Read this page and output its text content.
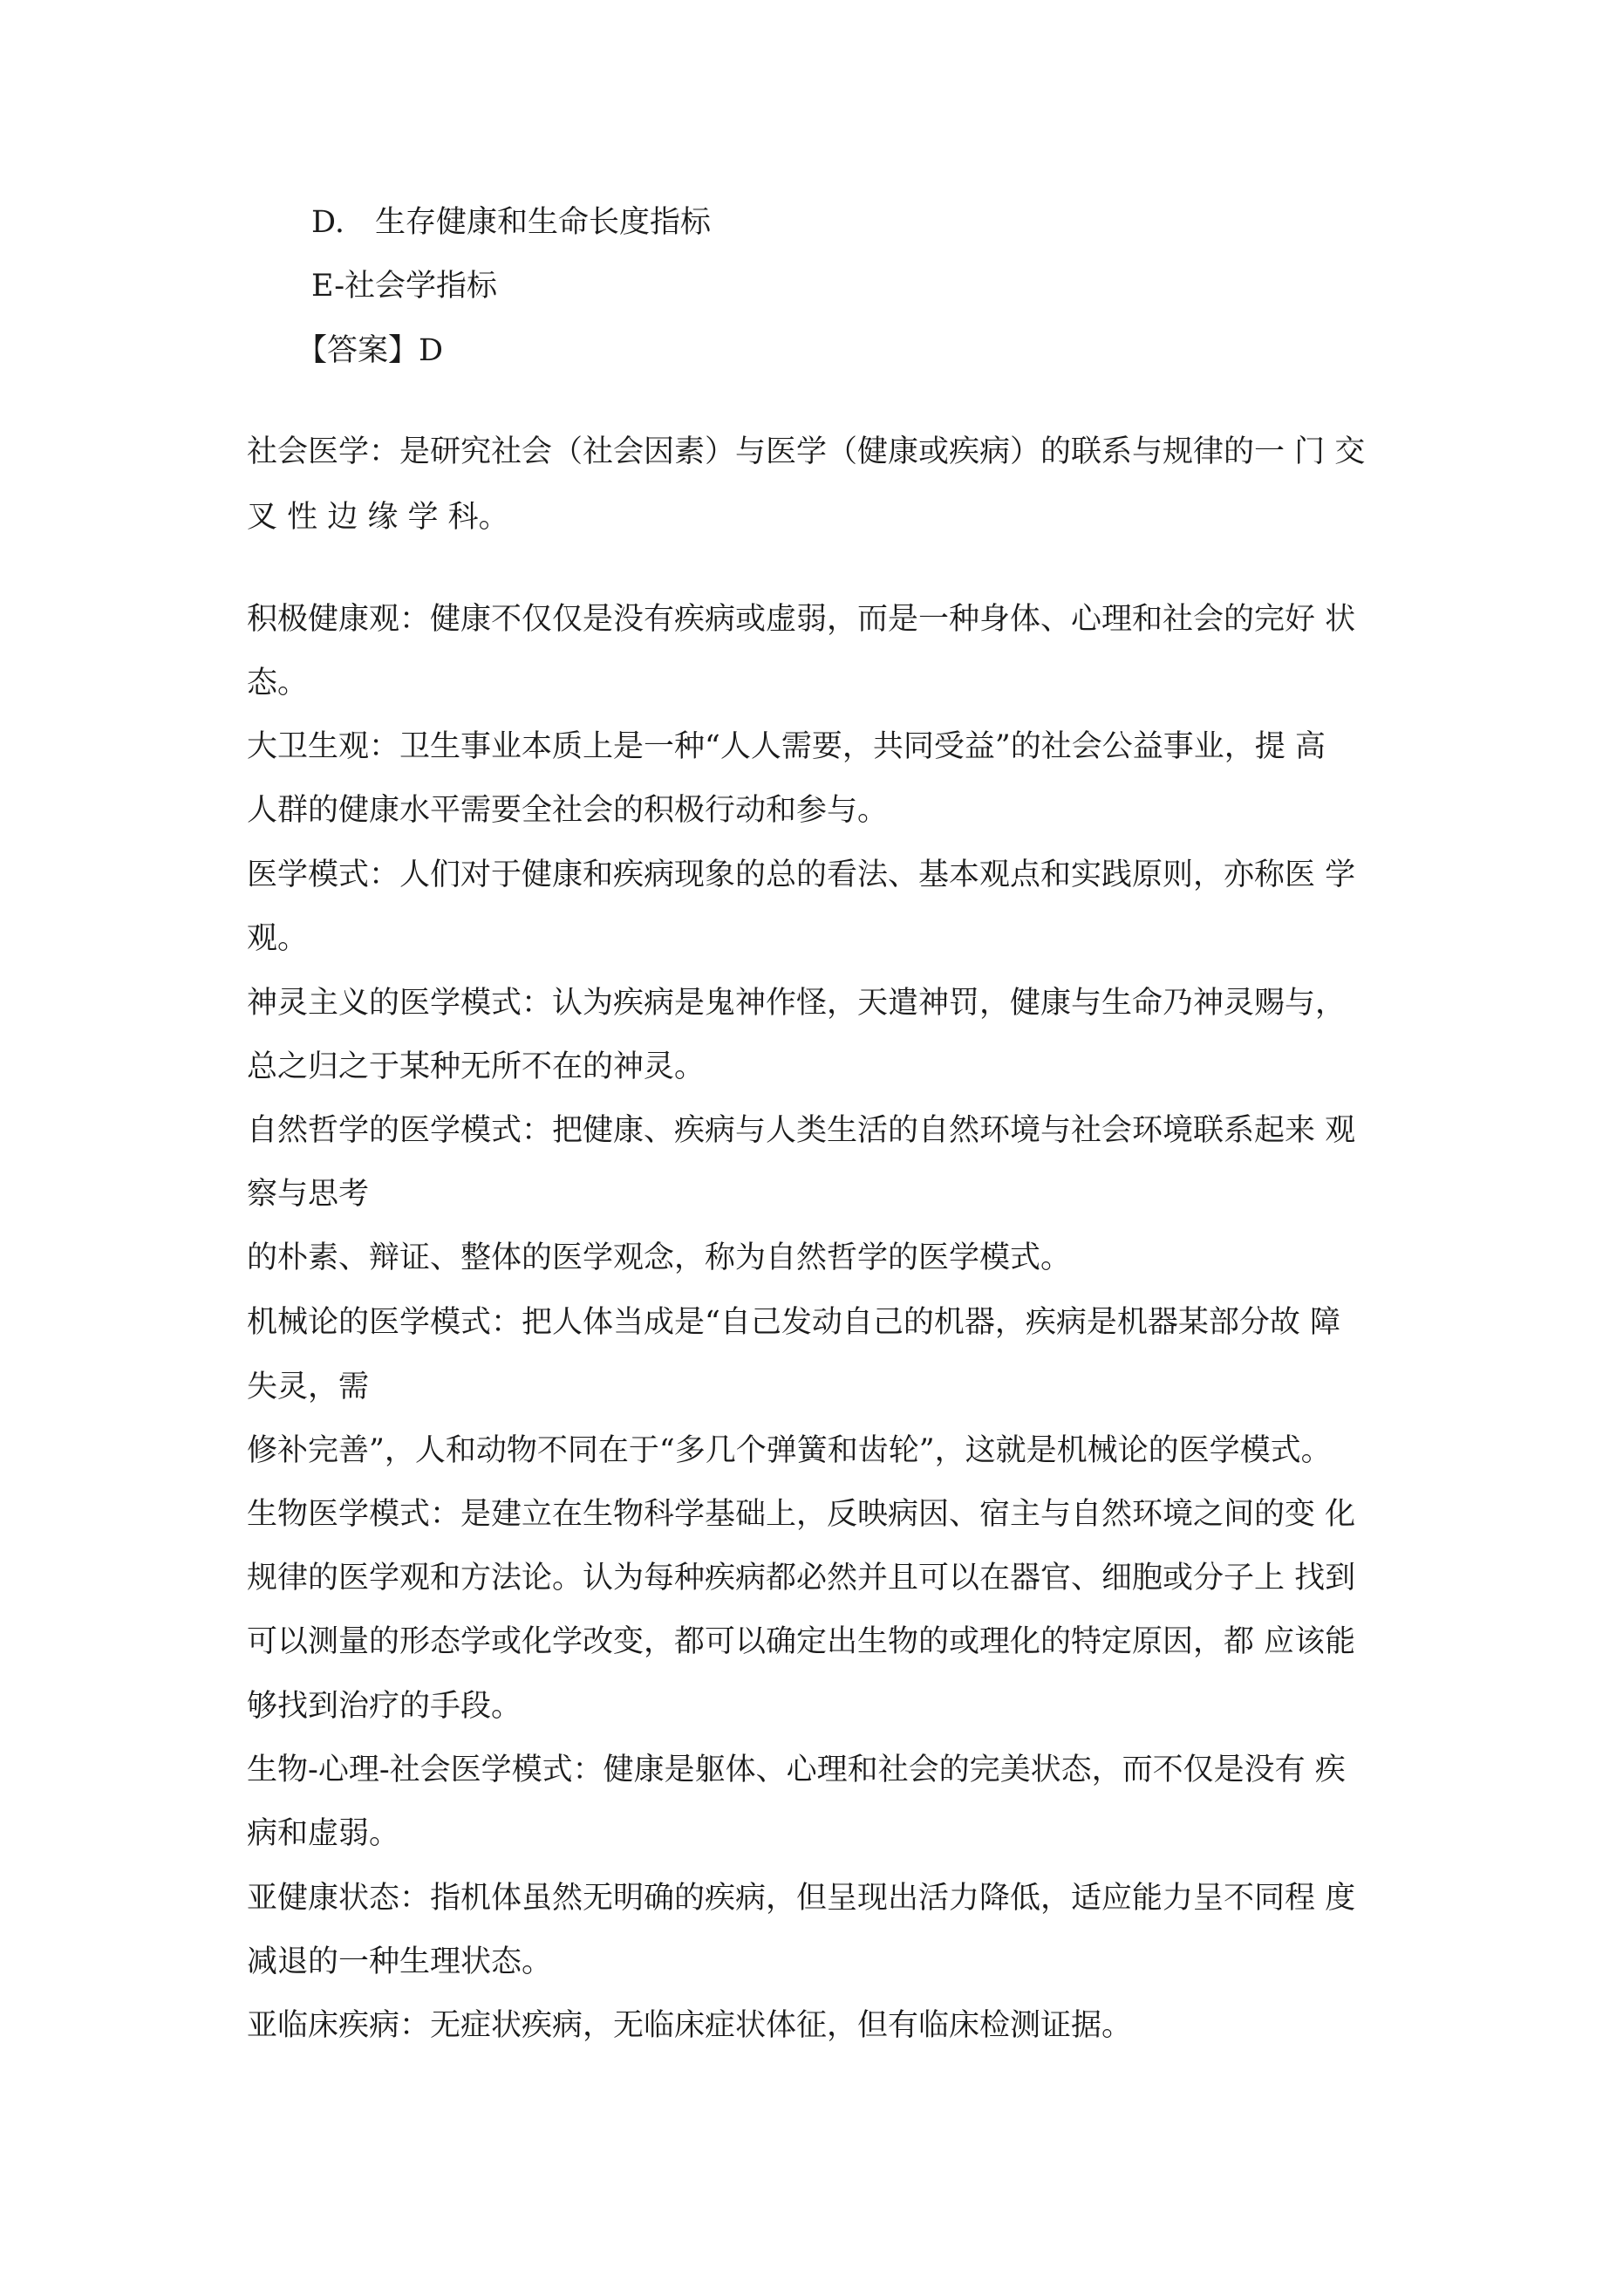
D.　生存健康和生命长度指标
E-社会学指标
【答案】D
社会医学：是研究社会（社会因素）与医学（健康或疾病）的联系与规律的一 门 交
叉 性 边 缘 学 科。
积极健康观：健康不仅仅是没有疾病或虚弱，而是一种身体、心理和社会的完好 状
态。
大卫生观：卫生事业本质上是一种“人人需要，共同受益”的社会公益事业，提 高
人群的健康水平需要全社会的积极行动和参与。
医学模式：人们对于健康和疾病现象的总的看法、基本观点和实践原则，亦称医 学
观。
神灵主义的医学模式：认为疾病是鬼神作怪，天遣神罚，健康与生命乃神灵赐与，
总之归之于某种无所不在的神灵。
自然哲学的医学模式：把健康、疾病与人类生活的自然环境与社会环境联系起来 观
察与思考
的朴素、辩证、整体的医学观念，称为自然哲学的医学模式。
机械论的医学模式：把人体当成是“自己发动自己的机器，疾病是机器某部分故 障
失灵，需
修补完善”，人和动物不同在于“多几个弹簧和齿轮”，这就是机械论的医学模式。
生物医学模式：是建立在生物科学基础上，反映病因、宿主与自然环境之间的变 化
规律的医学观和方法论。认为每种疾病都必然并且可以在器官、细胞或分子上 找到
可以测量的形态学或化学改变，都可以确定出生物的或理化的特定原因，都 应该能
够找到治疗的手段。
生物-心理-社会医学模式：健康是躯体、心理和社会的完美状态，而不仅是没有 疾
病和虚弱。
亚健康状态：指机体虽然无明确的疾病，但呈现出活力降低，适应能力呈不同程 度
减退的一种生理状态。
亚临床疾病：无症状疾病，无临床症状体征，但有临床检测证据。
